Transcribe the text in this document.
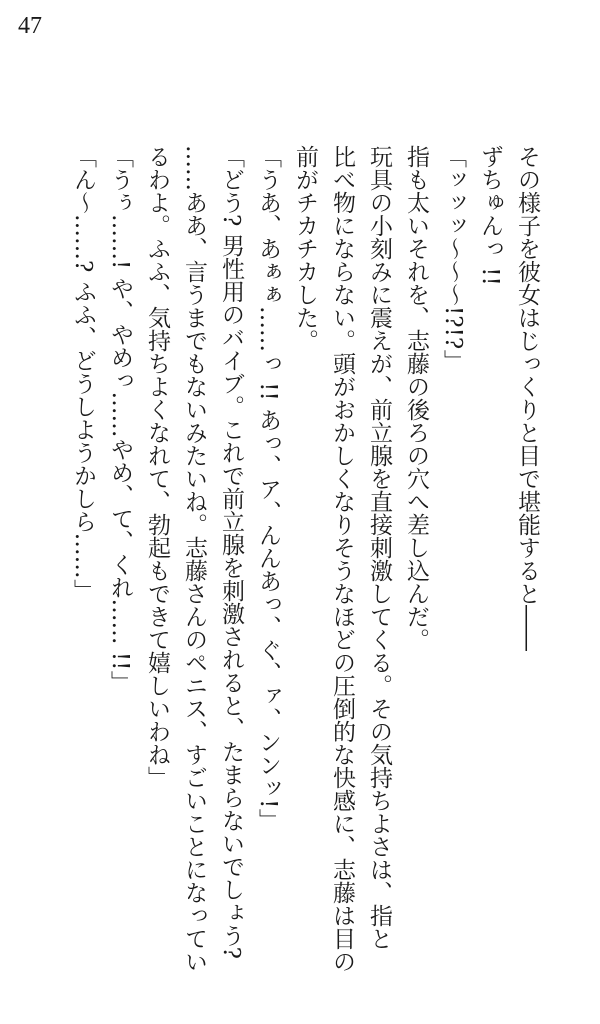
47
その様子を彼女はじっくりと目で堪能すると――
ずちゅんっ !!
「ッッッ〜〜〜!?!?」
指も太いそれを、志藤の後ろの穴へ差し込んだ。
玩具の小刻みに震えが、前立腺を直接刺激してくる。その気持ちよさは、指と
比べ物にならない。頭がおかしくなりそうなほどの圧倒的な快感に、志藤は目の
前がチカチカした。
「うあ、あぁぁ……っ !! あっ、ア、んんあっ、ぐ、ァ、ンンッ!」
「どう? 男性用のバイブ。これで前立腺を刺激されると、たまらないでしょう?
……ああ、言うまでもないみたいね。志藤さんのペニス、すごいことになってい
るわよ。ふふ、気持ちよくなれて、勃起もできて嬉しいわね」
「うぅ……! や、やめっ……やめ、て、くれ…… !!」
「ん〜……? ふふ、どうしようかしら……」
